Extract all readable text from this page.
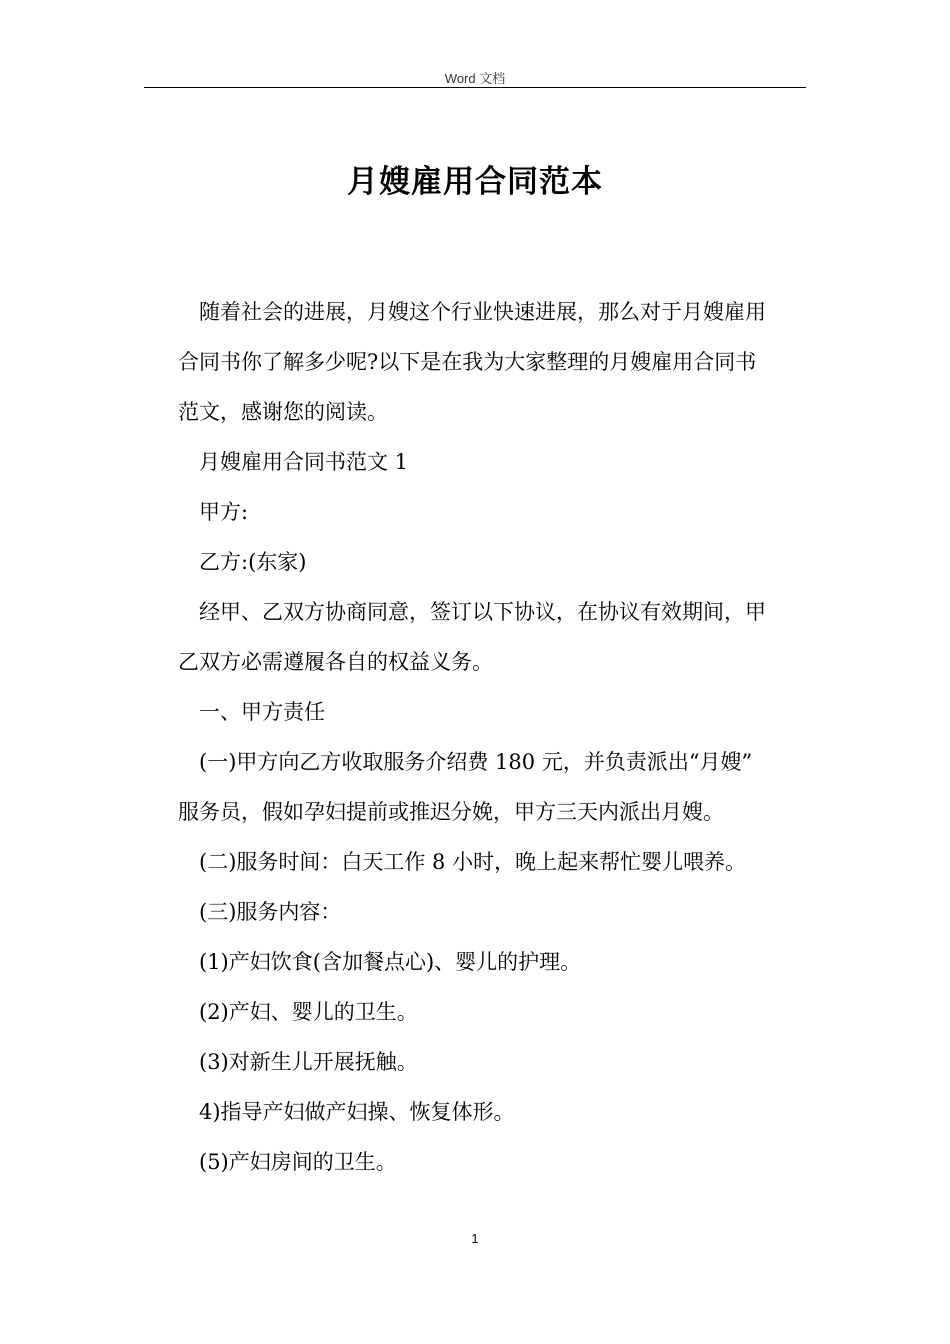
Word 文档
月嫂雇用合同范本

随着社会的进展，月嫂这个行业快速进展，那么对于月嫂雇用
合同书你了解多少呢?以下是在我为大家整理的月嫂雇用合同书
范文，感谢您的阅读。

月嫂雇用合同书范文 1

甲方:

乙方:(东家)

经甲、乙双方协商同意，签订以下协议，在协议有效期间，甲
乙双方必需遵履各自的权益义务。

一、甲方责任

(一)甲方向乙方收取服务介绍费 180 元，并负责派出“月嫂”
服务员，假如孕妇提前或推迟分娩，甲方三天内派出月嫂。

(二)服务时间：白天工作 8 小时，晚上起来帮忙婴儿喂养。

(三)服务内容：

(1)产妇饮食(含加餐点心)、婴儿的护理。

(2)产妇、婴儿的卫生。

(3)对新生儿开展抚触。

4)指导产妇做产妇操、恢复体形。

(5)产妇房间的卫生。

1
